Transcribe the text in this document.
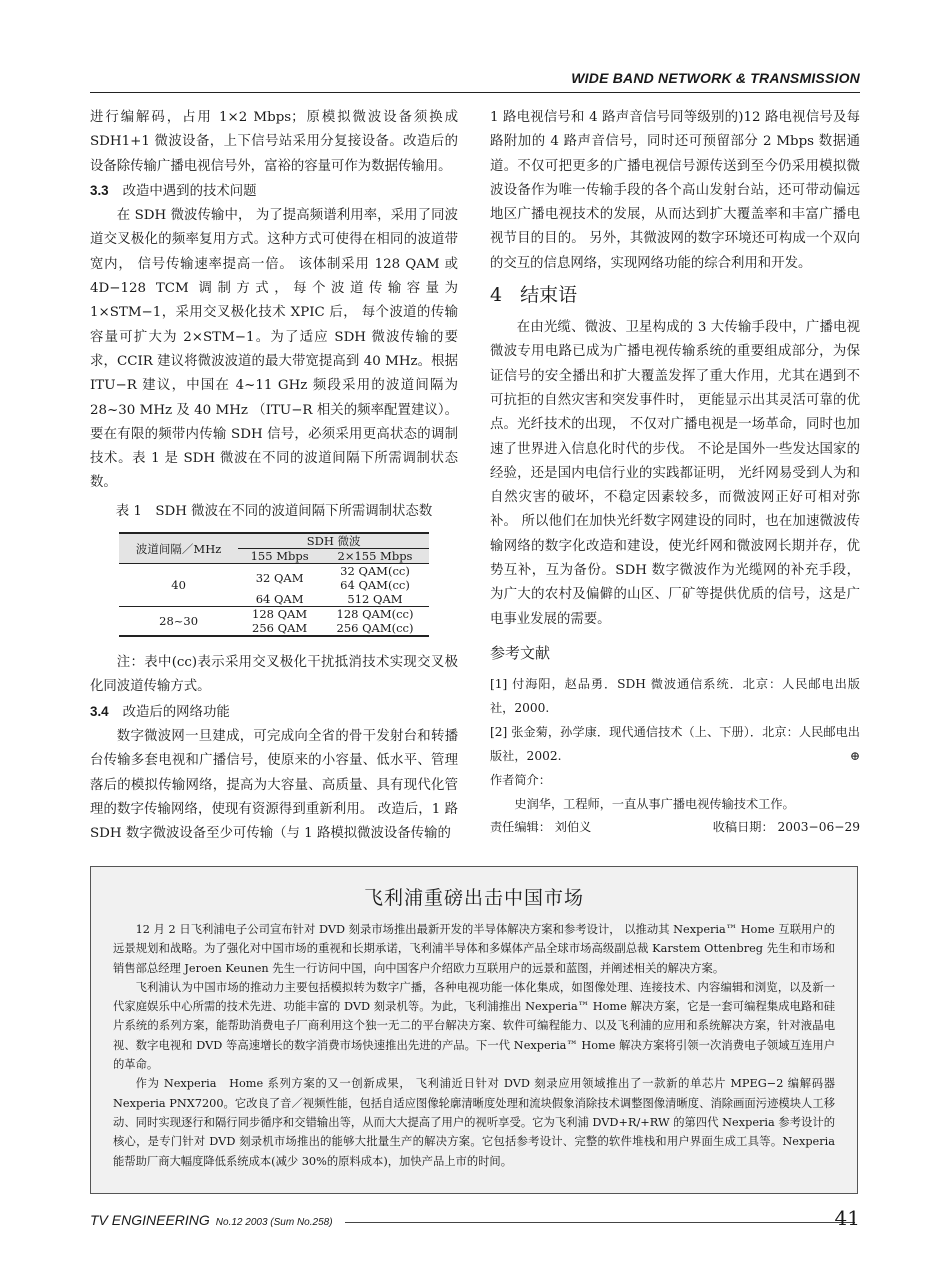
WIDE BAND NETWORK & TRANSMISSION

进行编解码，占用 1×2 Mbps；原模拟微波设备须换成 SDH1+1 微波设备，上下信号站采用分复接设备。改造后的设备除传输广播电视信号外，富裕的容量可作为数据传输用。

3.3 改造中遇到的技术问题

在 SDH 微波传输中， 为了提高频谱利用率，采用了同波道交叉极化的频率复用方式。这种方式可使得在相同的波道带宽内， 信号传输速率提高一倍。 该体制采用 128 QAM 或 4D−128 TCM 调制方式，每个波道传输容量为 1×STM−1，采用交叉极化技术 XPIC 后， 每个波道的传输容量可扩大为 2×STM−1。为了适应 SDH 微波传输的要求，CCIR 建议将微波波道的最大带宽提高到 40 MHz。根据 ITU−R 建议，中国在 4~11 GHz 频段采用的波道间隔为 28~30 MHz 及 40 MHz （ITU−R 相关的频率配置建议）。要在有限的频带内传输 SDH 信号，必须采用更高状态的调制技术。表 1 是 SDH 微波在不同的波道间隔下所需调制状态数。

表 1　SDH 微波在不同的波道间隔下所需调制状态数
波道间隔／MHz	SDH 微波	
	155 Mbps	2×155 Mbps
40	32 QAM	32 QAM(cc)
		64 QAM(cc)
	64 QAM	512 QAM
28~30	128 QAM	128 QAM(cc)
	256 QAM	256 QAM(cc)

注：表中(cc)表示采用交叉极化干扰抵消技术实现交叉极化同波道传输方式。

3.4 改造后的网络功能

数字微波网一旦建成，可完成向全省的骨干发射台和转播台传输多套电视和广播信号，使原来的小容量、低水平、管理落后的模拟传输网络，提高为大容量、高质量、具有现代化管理的数字传输网络，使现有资源得到重新利用。 改造后，1 路 SDH 数字微波设备至少可传输（与 1 路模拟微波设备传输的

1 路电视信号和 4 路声音信号同等级别的)12 路电视信号及每路附加的 4 路声音信号，同时还可预留部分 2 Mbps 数据通道。不仅可把更多的广播电视信号源传送到至今仍采用模拟微波设备作为唯一传输手段的各个高山发射台站，还可带动偏远地区广播电视技术的发展，从而达到扩大覆盖率和丰富广播电视节目的目的。 另外，其微波网的数字环境还可构成一个双向的交互的信息网络，实现网络功能的综合利用和开发。

4 结束语

在由光缆、微波、卫星构成的 3 大传输手段中，广播电视微波专用电路已成为广播电视传输系统的重要组成部分，为保证信号的安全播出和扩大覆盖发挥了重大作用，尤其在遇到不可抗拒的自然灾害和突发事件时， 更能显示出其灵活可靠的优点。光纤技术的出现， 不仅对广播电视是一场革命，同时也加速了世界进入信息化时代的步伐。 不论是国外一些发达国家的经验，还是国内电信行业的实践都证明， 光纤网易受到人为和自然灾害的破坏，不稳定因素较多，而微波网正好可相对弥补。 所以他们在加快光纤数字网建设的同时，也在加速微波传输网络的数字化改造和建设，使光纤网和微波网长期并存，优势互补，互为备份。SDH 数字微波作为光缆网的补充手段， 为广大的农村及偏僻的山区、厂矿等提供优质的信号，这是广电事业发展的需要。

参考文献

[1] 付海阳，赵品勇．SDH 微波通信系统．北京：人民邮电出版社，2000.

[2] 张金菊，孙学康．现代通信技术（上、下册）．北京：人民邮电出版社，2002.	⊕

作者简介：
史润华，工程师，一直从事广播电视传输技术工作。
责任编辑： 刘伯义	收稿日期： 2003−06−29
飞利浦重磅出击中国市场

12 月 2 日飞利浦电子公司宣布针对 DVD 刻录市场推出最新开发的半导体解决方案和参考设计， 以推动其 Nexperia™ Home 互联用户的远景规划和战略。为了强化对中国市场的重视和长期承诺，飞利浦半导体和多媒体产品全球市场高级副总裁 Karstem Ottenbreg 先生和市场和销售部总经理 Jeroen Keunen 先生一行访问中国，向中国客户介绍欧力互联用户的远景和蓝图，并阐述相关的解决方案。

飞利浦认为中国市场的推动力主要包括模拟转为数字广播，各种电视功能一体化集成，如图像处理、连接技术、内容编辑和浏览，以及新一代家庭娱乐中心所需的技术先进、功能丰富的 DVD 刻录机等。为此，飞利浦推出 Nexperia™ Home 解决方案，它是一套可编程集成电路和硅片系统的系列方案，能帮助消费电子厂商利用这个独一无二的平台解决方案、软件可编程能力、以及飞利浦的应用和系统解决方案，针对液晶电视、数字电视和 DVD 等高速增长的数字消费市场快速推出先进的产品。下一代 Nexperia™ Home 解决方案将引领一次消费电子领域互连用户的革命。

作为 Nexperia　Home 系列方案的又一创新成果， 飞利浦近日针对 DVD 刻录应用领域推出了一款新的单芯片 MPEG−2 编解码器 Nexperia PNX7200。它改良了音／视频性能，包括自适应图像轮廓清晰度处理和流块假象消除技术调整图像清晰度、消除画面污迹模块人工移动、同时实现逐行和隔行同步循序和交错输出等，从而大大提高了用户的视听享受。它为飞利浦 DVD+R/+RW 的第四代 Nexperia 参考设计的核心，是专门针对 DVD 刻录机市场推出的能够大批量生产的解决方案。它包括参考设计、完整的软件堆栈和用户界面生成工具等。Nexperia 能帮助厂商大幅度降低系统成本(减少 30%的原料成本)，加快产品上市的时间。

TV ENGINEERING No.12 2003 (Sum No.258)	41
